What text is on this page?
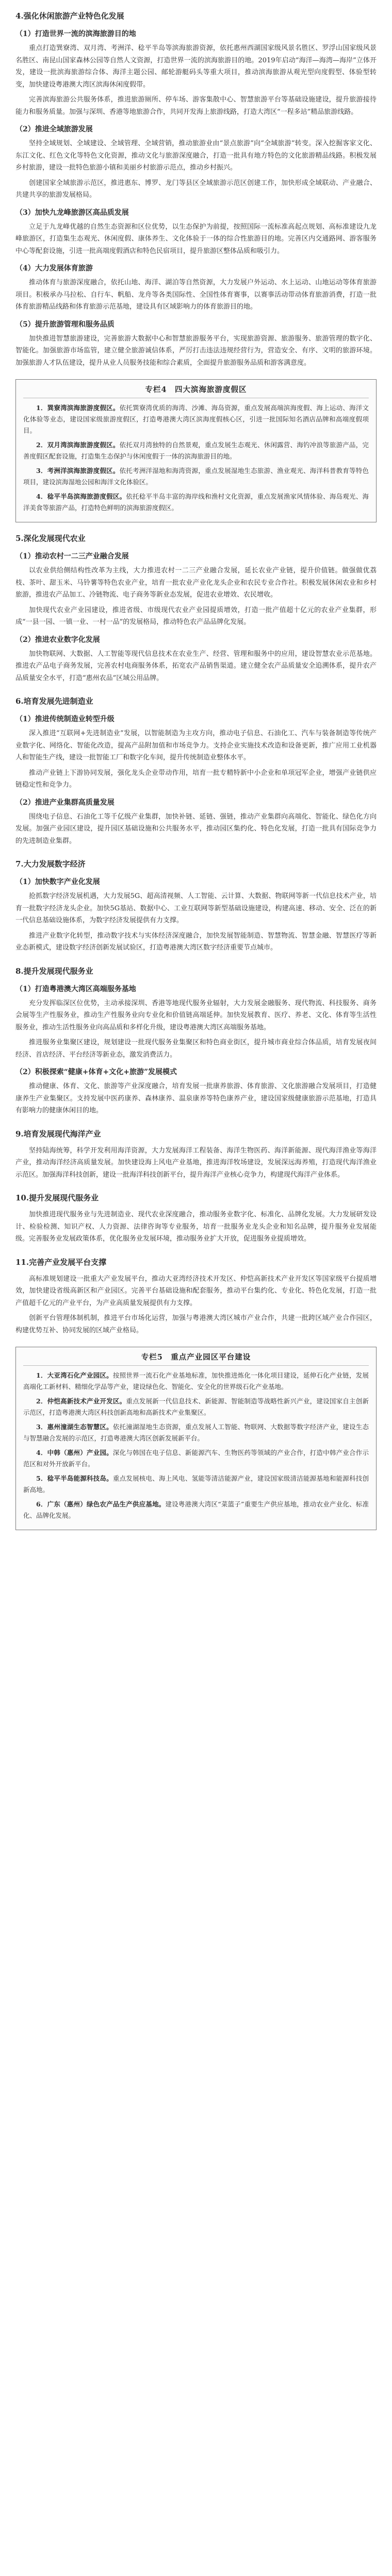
4.强化休闲旅游产业特色化发展
（1）打造世界一流的滨海旅游目的地

重点打造巽寮湾、双月湾、考洲洋、稔平半岛等滨海旅游资源，依托惠州西湖国家级风景名胜区、罗浮山国家级风景名胜区、南昆山国家森林公园等自然人文资源，打造世界一流的滨海旅游目的地。2019年启动“海洋—海湾—海岸”立体开发，建设一批滨海旅游综合体、海洋主题公园、邮轮游艇码头等重大项目，推动滨海旅游从观光型向度假型、体验型转变，加快建设粤港澳大湾区滨海休闲度假带。

完善滨海旅游公共服务体系，推进旅游厕所、停车场、游客集散中心、智慧旅游平台等基础设施建设，提升旅游接待能力和服务质量。加强与深圳、香港等地旅游合作，共同开发海上旅游线路，打造大湾区“一程多站”精品旅游线路。

（2）推进全域旅游发展

坚持全域规划、全域建设、全域管理、全域营销，推动旅游业由“景点旅游”向“全域旅游”转变。深入挖掘客家文化、东江文化、红色文化等特色文化资源，推动文化与旅游深度融合，打造一批具有地方特色的文化旅游精品线路。积极发展乡村旅游，建设一批特色旅游小镇和美丽乡村旅游示范点，推动乡村振兴。

创建国家全域旅游示范区，推进惠东、博罗、龙门等县区全域旅游示范区创建工作，加快形成全域联动、产业融合、共建共享的旅游发展格局。

（3）加快九龙峰旅游区高品质发展

立足于九龙峰优越的自然生态资源和区位优势，以生态保护为前提，按照国际一流标准高起点规划、高标准建设九龙峰旅游区，打造集生态观光、休闲度假、康体养生、文化体验于一体的综合性旅游目的地。完善区内交通路网、游客服务中心等配套设施，引进一批高端度假酒店和特色民宿项目，提升旅游区整体品质和吸引力。

（4）大力发展体育旅游

推动体育与旅游深度融合，依托山地、海洋、湖泊等自然资源，大力发展户外运动、水上运动、山地运动等体育旅游项目。积极承办马拉松、自行车、帆船、龙舟等各类国际性、全国性体育赛事，以赛事活动带动体育旅游消费，打造一批体育旅游精品线路和体育旅游示范基地，建设具有区域影响力的体育旅游目的地。

（5）提升旅游管理和服务品质

加快推进智慧旅游建设，完善旅游大数据中心和智慧旅游服务平台，实现旅游资源、旅游服务、旅游管理的数字化、智能化。加强旅游市场监管，建立健全旅游诚信体系，严厉打击违法违规经营行为，营造安全、有序、文明的旅游环境。加强旅游人才队伍建设，提升从业人员服务技能和综合素质，全面提升旅游服务品质和游客满意度。

专栏4　四大滨海旅游度假区

1．巽寮湾滨海旅游度假区。依托巽寮湾优质的海湾、沙滩、海岛资源，重点发展高端滨海度假、海上运动、海洋文化体验等业态，建设国家级旅游度假区，打造粤港澳大湾区滨海度假核心区，引进一批国际知名酒店品牌和高端度假项目。

2．双月湾滨海旅游度假区。依托双月湾独特的自然景观，重点发展生态观光、休闲露营、海钓冲浪等旅游产品，完善度假区配套设施，打造集生态保护与休闲度假于一体的滨海旅游目的地。

3．考洲洋滨海旅游度假区。依托考洲洋湿地和海湾资源，重点发展湿地生态旅游、渔业观光、海洋科普教育等特色项目，建设滨海湿地公园和海洋文化体验区。

4．稔平半岛滨海旅游度假区。依托稔平半岛丰富的海岸线和渔村文化资源，重点发展渔家风情体验、海岛观光、海洋美食等旅游产品，打造特色鲜明的滨海旅游度假区。

5.深化发展现代农业
（1）推动农村一二三产业融合发展

以农业供给侧结构性改革为主线，大力推进农村一二三产业融合发展，延长农业产业链，提升价值链。做强做优荔枝、茶叶、甜玉米、马铃薯等特色农业产业，培育一批农业产业化龙头企业和农民专业合作社。积极发展休闲农业和乡村旅游，推进农产品加工、冷链物流、电子商务等新业态发展，促进农业增效、农民增收。

加快现代农业产业园建设，推进省级、市级现代农业产业园提质增效，打造一批产值超十亿元的农业产业集群，形成“一县一园、一镇一业、一村一品”的发展格局，推动特色农产品品牌化发展。

（2）推进农业数字化发展

加快物联网、大数据、人工智能等现代信息技术在农业生产、经营、管理和服务中的应用，建设智慧农业示范基地。推进农产品电子商务发展，完善农村电商服务体系，拓宽农产品销售渠道。建立健全农产品质量安全追溯体系，提升农产品质量安全水平，打造“惠州农品”区域公用品牌。

6.培育发展先进制造业
（1）推进传统制造业转型升级

深入推进“互联网+先进制造业”发展，以智能制造为主攻方向，推动电子信息、石油化工、汽车与装备制造等传统产业数字化、网络化、智能化改造，提高产品附加值和市场竞争力。支持企业实施技术改造和设备更新，推广应用工业机器人和智能生产线，建设一批智能工厂和数字化车间，提升传统制造业整体水平。

推动产业链上下游协同发展，强化龙头企业带动作用，培育一批专精特新中小企业和单项冠军企业，增强产业链供应链稳定性和竞争力。

（2）推进产业集群高质量发展

围绕电子信息、石油化工等千亿级产业集群，加快补链、延链、强链，推动产业集群向高端化、智能化、绿色化方向发展。加强产业园区建设，提升园区基础设施和公共服务水平，推动园区集约化、特色化发展，打造一批具有国际竞争力的先进制造业集群。

7.大力发展数字经济
（1）加快数字产业化发展

抢抓数字经济发展机遇，大力发展5G、超高清视频、人工智能、云计算、大数据、物联网等新一代信息技术产业，培育一批数字经济龙头企业。加快5G基站、数据中心、工业互联网等新型基础设施建设，构建高速、移动、安全、泛在的新一代信息基础设施体系，为数字经济发展提供有力支撑。

推进产业数字化转型，推动数字技术与实体经济深度融合，加快发展智能制造、智慧物流、智慧金融、智慧医疗等新业态新模式，建设数字经济创新发展试验区，打造粤港澳大湾区数字经济重要节点城市。

8.提升发展现代服务业
（1）打造粤港澳大湾区高端服务基地

充分发挥临深区位优势，主动承接深圳、香港等地现代服务业辐射，大力发展金融服务、现代物流、科技服务、商务会展等生产性服务业，推动生产性服务业向专业化和价值链高端延伸。加快发展教育、医疗、养老、文化、体育等生活性服务业，推动生活性服务业向高品质和多样化升级，建设粤港澳大湾区高端服务基地。

推进服务业集聚区建设，规划建设一批现代服务业集聚区和特色商业街区，提升城市商业综合体品质，培育发展夜间经济、首店经济、平台经济等新业态，激发消费活力。

（2）积极探索“健康+体育+文化+旅游”发展模式

推动健康、体育、文化、旅游等产业深度融合，培育发展一批康养旅游、体育旅游、文化旅游融合发展项目，打造健康养生产业集聚区。支持发展中医药康养、森林康养、温泉康养等特色康养产业，建设国家级健康旅游示范基地，打造具有影响力的健康休闲目的地。

9.培育发展现代海洋产业

坚持陆海统筹，科学开发利用海洋资源，大力发展海洋工程装备、海洋生物医药、海洋新能源、现代海洋渔业等海洋产业，推动海洋经济高质量发展。加快建设海上风电产业基地，推进海洋牧场建设，发展深远海养殖，打造现代海洋渔业示范区。加强海洋科技创新，建设一批海洋科技创新平台，提升海洋产业核心竞争力，构建现代海洋产业体系。

10.提升发展现代服务业

加快推进现代服务业与先进制造业、现代农业深度融合，推动服务业数字化、标准化、品牌化发展。大力发展研发设计、检验检测、知识产权、人力资源、法律咨询等专业服务，培育一批服务业龙头企业和知名品牌，提升服务业发展能级。完善服务业发展政策体系，优化服务业发展环境，推动服务业扩大开放，促进服务业提质增效。

11.完善产业发展平台支撑

高标准规划建设一批重大产业发展平台，推动大亚湾经济技术开发区、仲恺高新技术产业开发区等国家级平台提质增效，加快建设省级高新区和产业园区。完善平台基础设施和配套服务，推动平台集约化、专业化、特色化发展，打造一批产值超千亿元的产业平台，为产业高质量发展提供有力支撑。

创新平台管理体制机制，推进平台市场化运营，加强与粤港澳大湾区城市产业合作，共建一批跨区域产业合作园区，构建优势互补、协同发展的区域产业格局。

专栏5　重点产业园区平台建设

1．大亚湾石化产业园区。按照世界一流石化产业基地标准，加快推进炼化一体化项目建设，延伸石化产业链，发展高端化工新材料、精细化学品等产业，建设绿色化、智能化、安全化的世界级石化产业基地。

2．仲恺高新技术产业开发区。重点发展新一代信息技术、新能源、智能制造等战略性新兴产业，建设国家自主创新示范区，打造粤港澳大湾区科技创新高地和高新技术产业集聚区。

3．惠州潼湖生态智慧区。依托潼湖湿地生态资源，重点发展人工智能、物联网、大数据等数字经济产业，建设生态与智慧融合发展的示范区，打造粤港澳大湾区创新发展新平台。

4．中韩（惠州）产业园。深化与韩国在电子信息、新能源汽车、生物医药等领域的产业合作，打造中韩产业合作示范区和对外开放新平台。

5．稔平半岛能源科技岛。重点发展核电、海上风电、氢能等清洁能源产业，建设国家级清洁能源基地和能源科技创新高地。

6．广东（惠州）绿色农产品生产供应基地。建设粤港澳大湾区“菜篮子”重要生产供应基地，推动农业产业化、标准化、品牌化发展。
